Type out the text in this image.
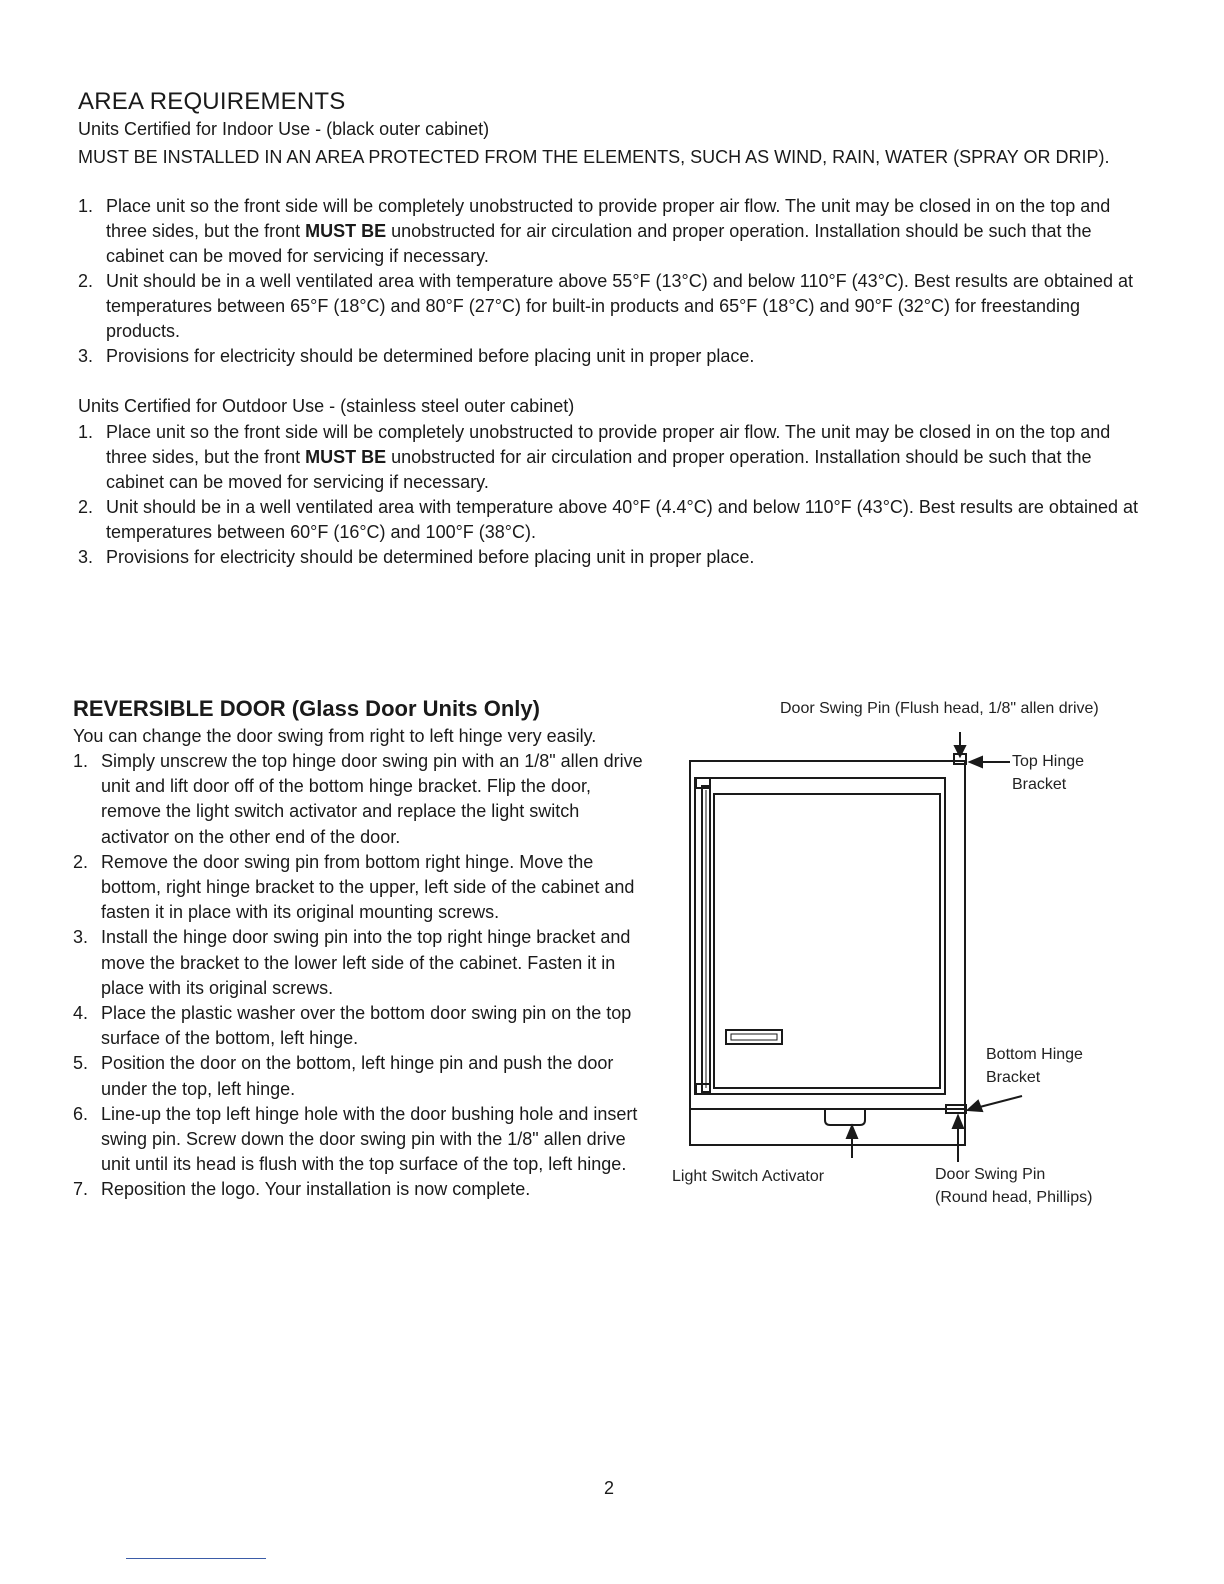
AREA REQUIREMENTS
Units Certified for Indoor Use - (black outer cabinet)
MUST BE INSTALLED IN AN AREA PROTECTED FROM THE ELEMENTS, SUCH AS WIND, RAIN, WATER (SPRAY OR DRIP).
1. Place unit so the front side will be completely unobstructed to provide proper air flow. The unit may be closed in on the top and three sides, but the front MUST BE unobstructed for air circulation and proper operation. Installation should be such that the cabinet can be moved for servicing if necessary.
2. Unit should be in a well ventilated area with temperature above 55°F (13°C) and below 110°F (43°C). Best results are obtained at temperatures between 65°F (18°C) and 80°F (27°C) for built-in products and 65°F (18°C) and 90°F (32°C) for freestanding products.
3. Provisions for electricity should be determined before placing unit in proper place.
Units Certified for Outdoor Use - (stainless steel outer cabinet)
1. Place unit so the front side will be completely unobstructed to provide proper air flow. The unit may be closed in on the top and three sides, but the front MUST BE unobstructed for air circulation and proper operation. Installation should be such that the cabinet can be moved for servicing if necessary.
2. Unit should be in a well ventilated area with temperature above 40°F (4.4°C) and below 110°F (43°C). Best results are obtained at temperatures between 60°F (16°C) and 100°F (38°C).
3. Provisions for electricity should be determined before placing unit in proper place.
REVERSIBLE DOOR (Glass Door Units Only)
You can change the door swing from right to left hinge very easily.
1. Simply unscrew the top hinge door swing pin with an 1/8" allen drive unit and lift door off of the bottom hinge bracket. Flip the door, remove the light switch activator and replace the light switch activator on the other end of the door.
2. Remove the door swing pin from bottom right hinge. Move the bottom, right hinge bracket to the upper, left side of the cabinet and fasten it in place with its original mounting screws.
3. Install the hinge door swing pin into the top right hinge bracket and move the bracket to the lower left side of the cabinet. Fasten it in place with its original screws.
4. Place the plastic washer over the bottom door swing pin on the top surface of the bottom, left hinge.
5. Position the door on the bottom, left hinge pin and push the door under the top, left hinge.
6. Line-up the top left hinge hole with the door bushing hole and insert swing pin. Screw down the door swing pin with the 1/8" allen drive unit until its head is flush with the top surface of the top, left hinge.
7. Reposition the logo. Your installation is now complete.
Door Swing Pin (Flush head, 1/8" allen drive)
Top Hinge
Bracket
Bottom Hinge
Bracket
Light Switch Activator	Door Swing Pin
(Round head, Phillips)
2
